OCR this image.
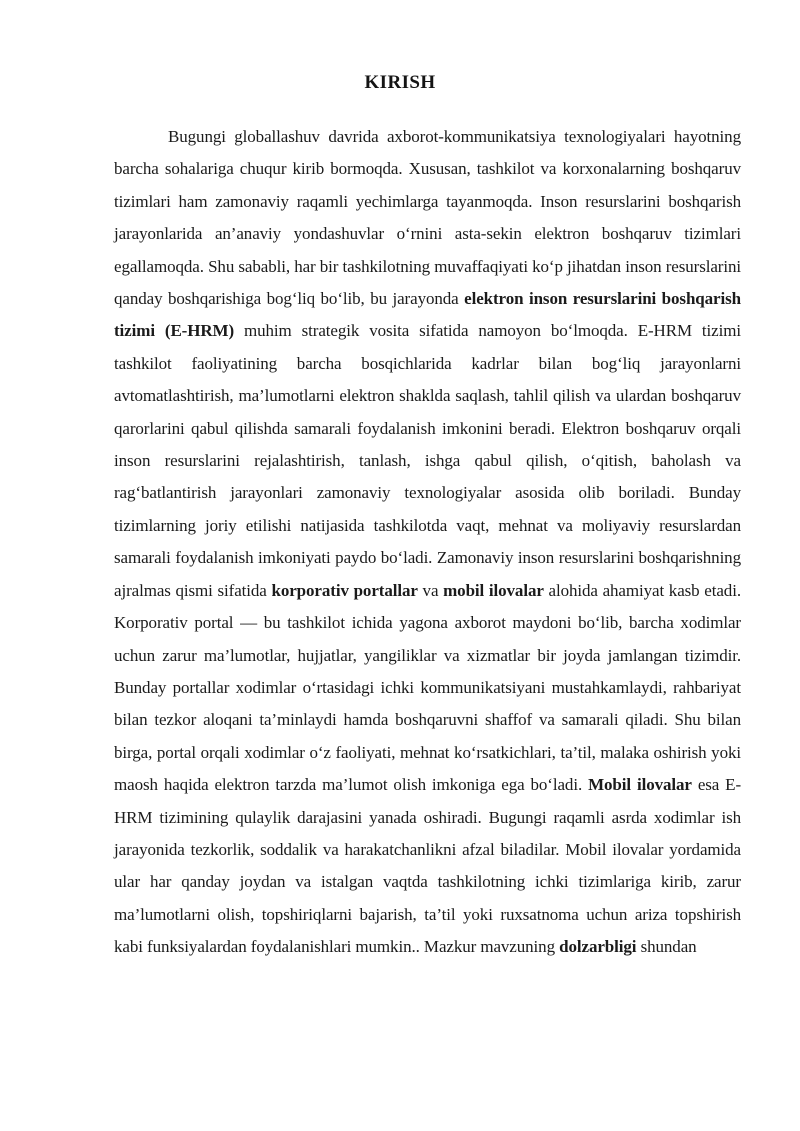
KIRISH

Bugungi globallashuv davrida axborot-kommunikatsiya texnologiyalari hayotning barcha sohalariga chuqur kirib bormoqda. Xususan, tashkilot va korxonalarning boshqaruv tizimlari ham zamonaviy raqamli yechimlarga tayanmoqda. Inson resurslarini boshqarish jarayonlarida an’anaviy yondashuvlar o‘rnini asta-sekin elektron boshqaruv tizimlari egallamoqda. Shu sababli, har bir tashkilotning muvaffaqiyati ko‘p jihatdan inson resurslarini qanday boshqarishiga bog‘liq bo‘lib, bu jarayonda elektron inson resurslarini boshqarish tizimi (E-HRM) muhim strategik vosita sifatida namoyon bo‘lmoqda. E-HRM tizimi tashkilot faoliyatining barcha bosqichlarida kadrlar bilan bog‘liq jarayonlarni avtomatlashtirish, ma’lumotlarni elektron shaklda saqlash, tahlil qilish va ulardan boshqaruv qarorlarini qabul qilishda samarali foydalanish imkonini beradi. Elektron boshqaruv orqali inson resurslarini rejalashtirish, tanlash, ishga qabul qilish, o‘qitish, baholash va rag‘batlantirish jarayonlari zamonaviy texnologiyalar asosida olib boriladi. Bunday tizimlarning joriy etilishi natijasida tashkilotda vaqt, mehnat va moliyaviy resurslardan samarali foydalanish imkoniyati paydo bo‘ladi. Zamonaviy inson resurslarini boshqarishning ajralmas qismi sifatida korporativ portallar va mobil ilovalar alohida ahamiyat kasb etadi. Korporativ portal — bu tashkilot ichida yagona axborot maydoni bo‘lib, barcha xodimlar uchun zarur ma’lumotlar, hujjatlar, yangiliklar va xizmatlar bir joyda jamlangan tizimdir. Bunday portallar xodimlar o‘rtasidagi ichki kommunikatsiyani mustahkamlaydi, rahbariyat bilan tezkor aloqani ta’minlaydi hamda boshqaruvni shaffof va samarali qiladi. Shu bilan birga, portal orqali xodimlar o‘z faoliyati, mehnat ko‘rsatkichlari, ta’til, malaka oshirish yoki maosh haqida elektron tarzda ma’lumot olish imkoniga ega bo‘ladi. Mobil ilovalar esa E-HRM tizimining qulaylik darajasini yanada oshiradi. Bugungi raqamli asrda xodimlar ish jarayonida tezkorlik, soddalik va harakatchanlikni afzal biladilar. Mobil ilovalar yordamida ular har qanday joydan va istalgan vaqtda tashkilotning ichki tizimlariga kirib, zarur ma’lumotlarni olish, topshiriqlarni bajarish, ta’til yoki ruxsatnoma uchun ariza topshirish kabi funksiyalardan foydalanishlari mumkin.. Mazkur mavzuning dolzarbligi shundan
